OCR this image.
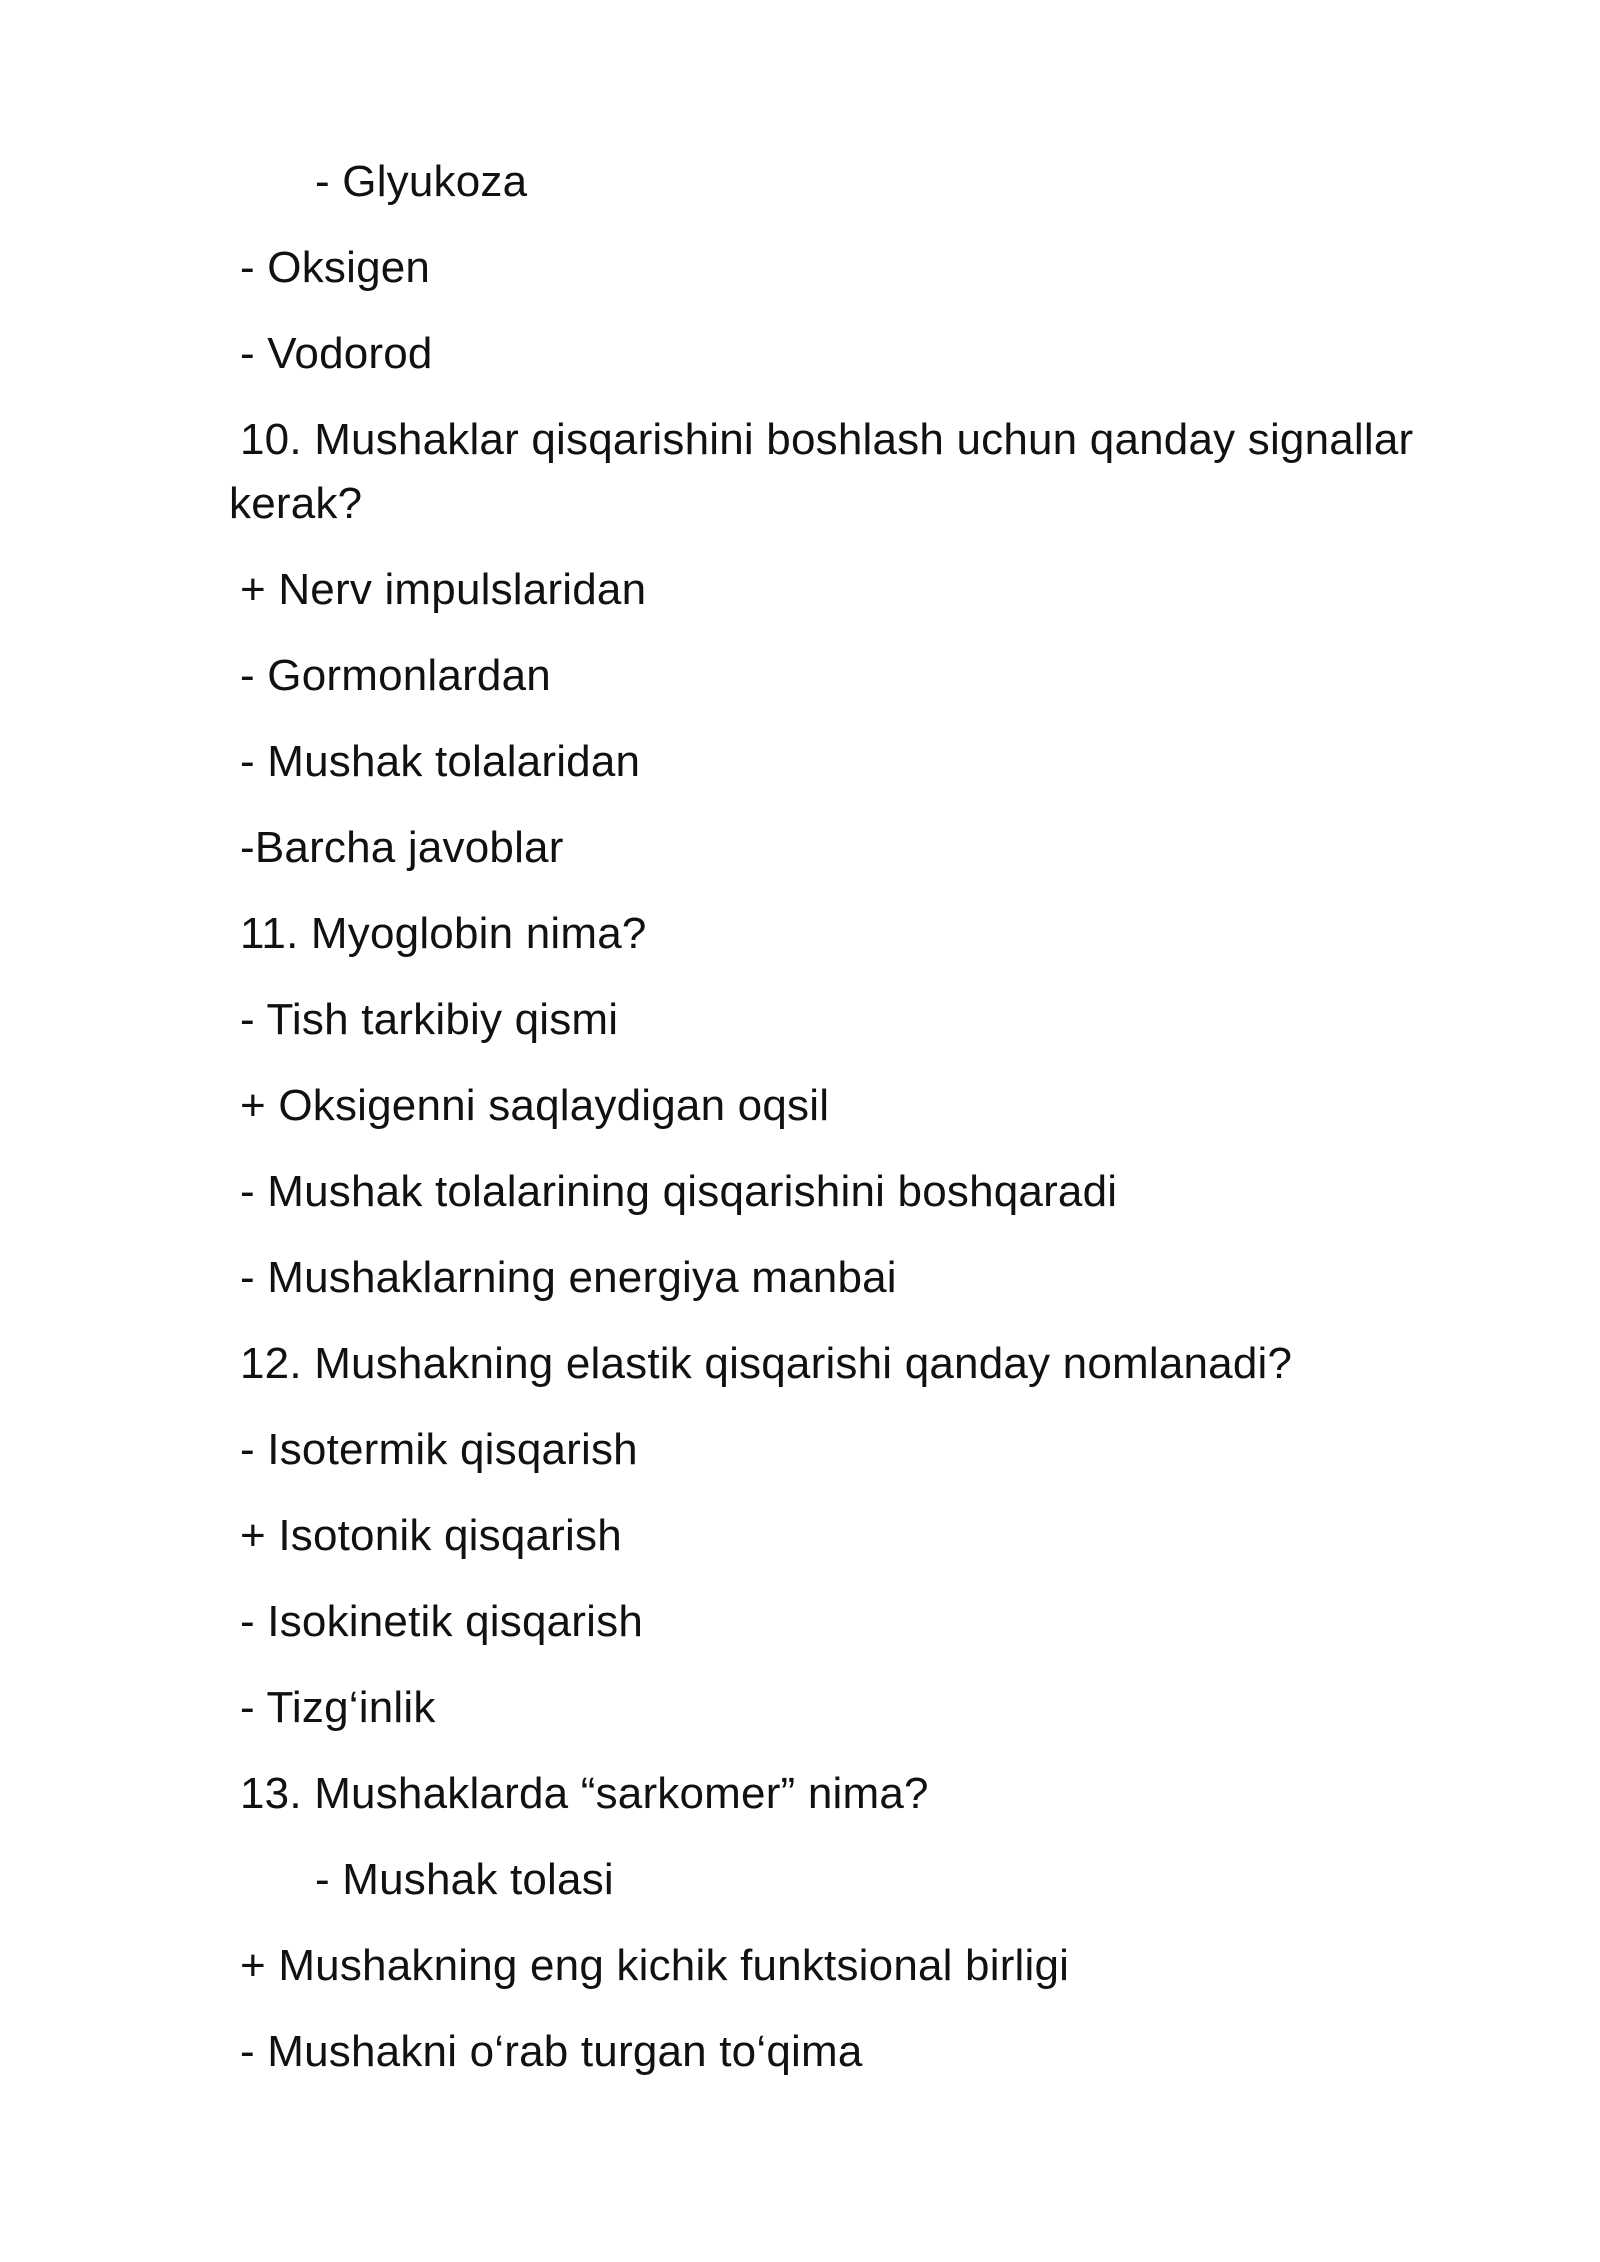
- Glyukoza
- Oksigen
- Vodorod
10. Mushaklar qisqarishini boshlash uchun qanday signallar
kerak?
+ Nerv impulslaridan
- Gormonlardan
- Mushak tolalaridan
-Barcha javoblar
11. Myoglobin nima?
- Tish tarkibiy qismi
+ Oksigenni saqlaydigan oqsil
- Mushak tolalarining qisqarishini boshqaradi
- Mushaklarning energiya manbai
12. Mushakning elastik qisqarishi qanday nomlanadi?
- Isotermik qisqarish
+ Isotonik qisqarish
- Isokinetik qisqarish
- Tizg‘inlik
13. Mushaklarda “sarkomer” nima?
- Mushak tolasi
+ Mushakning eng kichik funktsional birligi
- Mushakni o‘rab turgan to‘qima
